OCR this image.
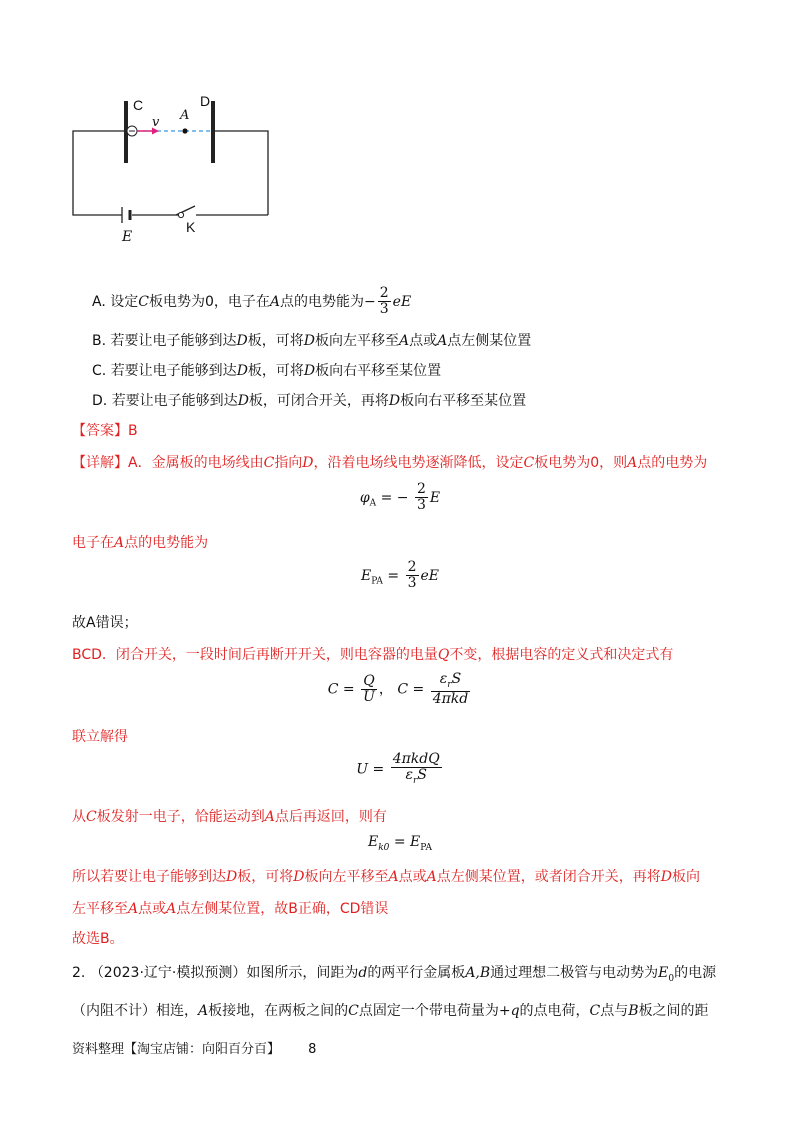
C	D
v A
E
K
A. 设定C板电势为0，电子在A点的电势能为− $\frac{2}{3}$ eE
B. 若要让电子能够到达D板，可将D板向左平移至A点或A点左侧某位置
C. 若要让电子能够到达D板，可将D板向右平移至某位置
D. 若要让电子能够到达D板，可闭合开关，再将D板向右平移至某位置
【答案】B
【详解】A．金属板的电场线由C指向D，沿着电场线电势逐渐降低，设定C板电势为0，则A点的电势为
$\varphi_A$ = − $\frac{2}{3}$ E
电子在A点的电势能为
$E_{PA} = \frac{2}{3}$ eE
故A错误；
BCD．闭合开关，一段时间后再断开开关，则电容器的电量Q不变，根据电容的定义式和决定式有
$C = \frac{Q}{U}$ ， $C = \frac{\varepsilon_rS}{\text{4πkd}}$
联立解得
$U = \frac{\text{4πkdQ}}{\varepsilon_rS}$
从C板发射一电子，恰能运动到A点后再返回，则有
$E_{k0} = E_{PA}$
所以若要让电子能够到达D板，可将D板向左平移至A点或A点左侧某位置，或者闭合开关，再将D板向
左平移至A点或A点左侧某位置，故B正确，CD错误
故选B。
2. （2023·辽宁·模拟预测）如图所示，间距为d的两平行金属板A,B通过理想二极管与电动势为$E_0$的电源
（内阻不计）相连，A板接地，在两板之间的C点固定一个带电荷量为+q的点电荷，C点与B板之间的距
资料整理【淘宝店铺：向阳百分百】 8
